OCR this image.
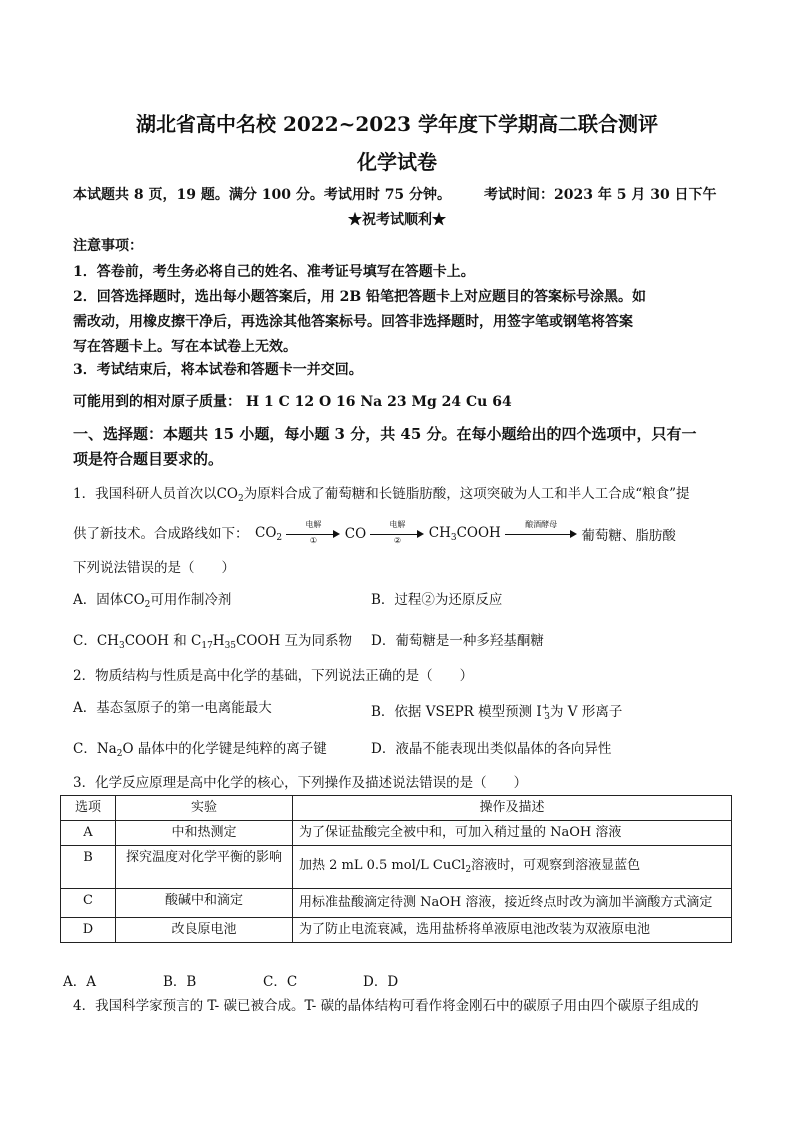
湖北省高中名校 2022~2023 学年度下学期高二联合测评
化学试卷
本试题共 8 页，19 题。满分 100 分。考试用时 75 分钟。 考试时间：2023 年 5 月 30 日下午
★祝考试顺利★
注意事项：
1．答卷前，考生务必将自己的姓名、准考证号填写在答题卡上。
2．回答选择题时，选出每小题答案后，用 2B 铅笔把答题卡上对应题目的答案标号涂黑。如
需改动，用橡皮擦干净后，再选涂其他答案标号。回答非选择题时，用签字笔或钢笔将答案
写在答题卡上。写在本试卷上无效。
3．考试结束后，将本试卷和答题卡一并交回。
可能用到的相对原子质量： H 1 C 12 O 16 Na 23 Mg 24 Cu 64
一、选择题：本题共 15 小题，每小题 3 分，共 45 分。在每小题给出的四个选项中，只有一
项是符合题目要求的。
1．我国科研人员首次以$CO_2$为原料合成了葡萄糖和长链脂肪酸，这项突破为人工和半人工合成“粮食”提
供了新技术。合成路线如下： $CO_2$
电解
①	CO
电解
②	$CH_3COOH$
酿酒酵母
葡萄糖、脂肪酸
下列说法错误的是（　　）
A．固体$CO_2$可用作制冷剂	B．过程②为还原反应
C．$CH_3COOH$ 和 $C_{17}H_{35}COOH$ 互为同系物 D．葡萄糖是一种多羟基酮糖
2．物质结构与性质是高中化学的基础，下列说法正确的是（　　）
A．基态氢原子的第一电离能最大	B．依据 VSEPR 模型预测 $I^+_3$为 V 形离子
C．$Na_2O$ 晶体中的化学键是纯粹的离子键	D．液晶不能表现出类似晶体的各向异性
3．化学反应原理是高中化学的核心，下列操作及描述说法错误的是（　　）
选项	实验	操作及描述
A	中和热测定	为了保证盐酸完全被中和，可加入稍过量的 NaOH 溶液
B	探究温度对化学平衡的影响	加热 2 mL 0.5 mol/L CuCl$_2$溶液时，可观察到溶液显蓝色
C	酸碱中和滴定	用标准盐酸滴定待测 NaOH 溶液，接近终点时改为滴加半滴酸方式滴定
D	改良原电池	为了防止电流衰减，选用盐桥将单液原电池改装为双液原电池
A．A	B．B	C．C	D．D
4．我国科学家预言的 T- 碳已被合成。T- 碳的晶体结构可看作将金刚石中的碳原子用由四个碳原子组成的
